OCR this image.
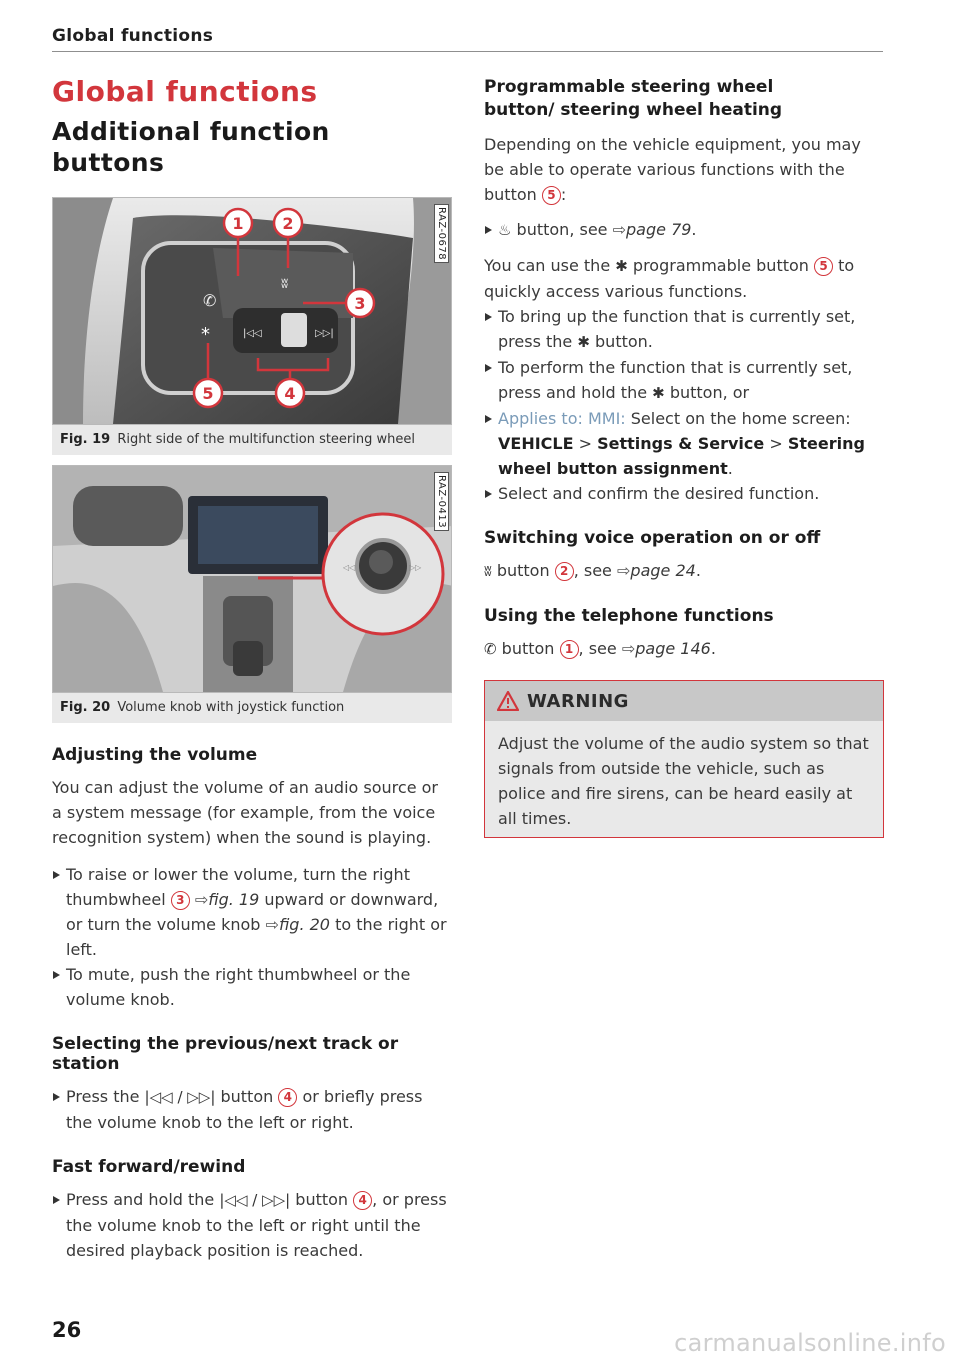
Global functions
Global functions
Additional function buttons
✆
ʬ
*	|◁◁	▷▷|
1 2
3
4
5
RAZ-0678
Fig. 19 Right side of the multifunction steering wheel
◁◁	▷▷
RAZ-0413
Fig. 20 Volume knob with joystick function
Adjusting the volume

You can adjust the volume of an audio source or a system message (for example, from the voice recognition system) when the sound is playing.

To raise or lower the volume, turn the right thumbwheel 3 ⇨fig. 19 upward or downward, or turn the volume knob ⇨fig. 20 to the right or left.
To mute, push the right thumbwheel or the volume knob.
Selecting the previous/next track or station
Press the |◁◁ / ▷▷| button 4 or briefly press the volume knob to the left or right.
Fast forward/rewind
Press and hold the |◁◁ / ▷▷| button 4 , or press the volume knob to the left or right until the desired playback position is reached.
Programmable steering wheel button/ steering wheel heating

Depending on the vehicle equipment, you may be able to operate various functions with the button 5 :

♨ button, see ⇨page 79.

You can use the ✱ programmable button 5 to quickly access various functions.

To bring up the function that is currently set, press the ✱ button.
To perform the function that is currently set, press and hold the ✱ button, or
Applies to: MMI: Select on the home screen: VEHICLE > Settings & Service > Steering wheel button assignment.
Select and confirm the desired function.
Switching voice operation on or off

ʬ button 2 , see ⇨page 24.

Using the telephone functions

✆ button 1 , see ⇨page 146.

WARNING
Adjust the volume of the audio system so that signals from outside the vehicle, such as police and fire sirens, can be heard easily at all times.
26	carmanualsonline.info
